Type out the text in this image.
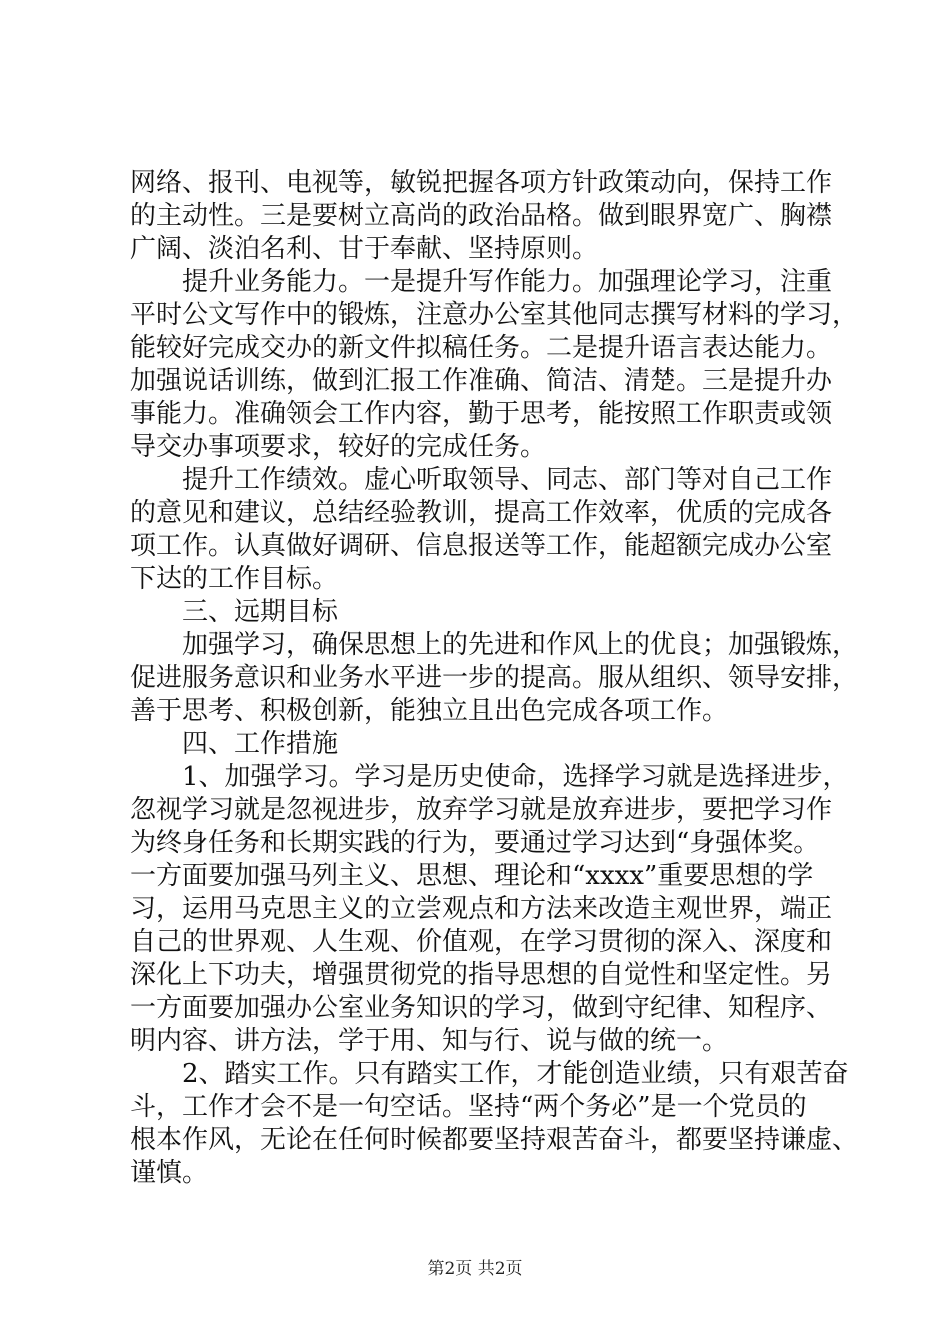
网络、报刊、电视等，敏锐把握各项方针政策动向，保持工作
的主动性。三是要树立高尚的政治品格。做到眼界宽广、胸襟
广阔、淡泊名利、甘于奉献、坚持原则。
提升业务能力。一是提升写作能力。加强理论学习，注重
平时公文写作中的锻炼，注意办公室其他同志撰写材料的学习，
能较好完成交办的新文件拟稿任务。二是提升语言表达能力。
加强说话训练，做到汇报工作准确、简洁、清楚。三是提升办
事能力。准确领会工作内容，勤于思考，能按照工作职责或领
导交办事项要求，较好的完成任务。
提升工作绩效。虚心听取领导、同志、部门等对自己工作
的意见和建议，总结经验教训，提高工作效率，优质的完成各
项工作。认真做好调研、信息报送等工作，能超额完成办公室
下达的工作目标。
三、远期目标
加强学习，确保思想上的先进和作风上的优良；加强锻炼，
促进服务意识和业务水平进一步的提高。服从组织、领导安排，
善于思考、积极创新，能独立且出色完成各项工作。
四、工作措施
1、加强学习。学习是历史使命，选择学习就是选择进步，
忽视学习就是忽视进步，放弃学习就是放弃进步，要把学习作
为终身任务和长期实践的行为，要通过学习达到“身强体奖。
一方面要加强马列主义、思想、理论和“xxxx”重要思想的学
习，运用马克思主义的立尝观点和方法来改造主观世界，端正
自己的世界观、人生观、价值观，在学习贯彻的深入、深度和
深化上下功夫，增强贯彻党的指导思想的自觉性和坚定性。另
一方面要加强办公室业务知识的学习，做到守纪律、知程序、
明内容、讲方法，学于用、知与行、说与做的统一。
2、踏实工作。只有踏实工作，才能创造业绩，只有艰苦奋
斗，工作才会不是一句空话。坚持“两个务必”是一个党员的
根本作风，无论在任何时候都要坚持艰苦奋斗，都要坚持谦虚、
谨慎。
第2页 共2页
